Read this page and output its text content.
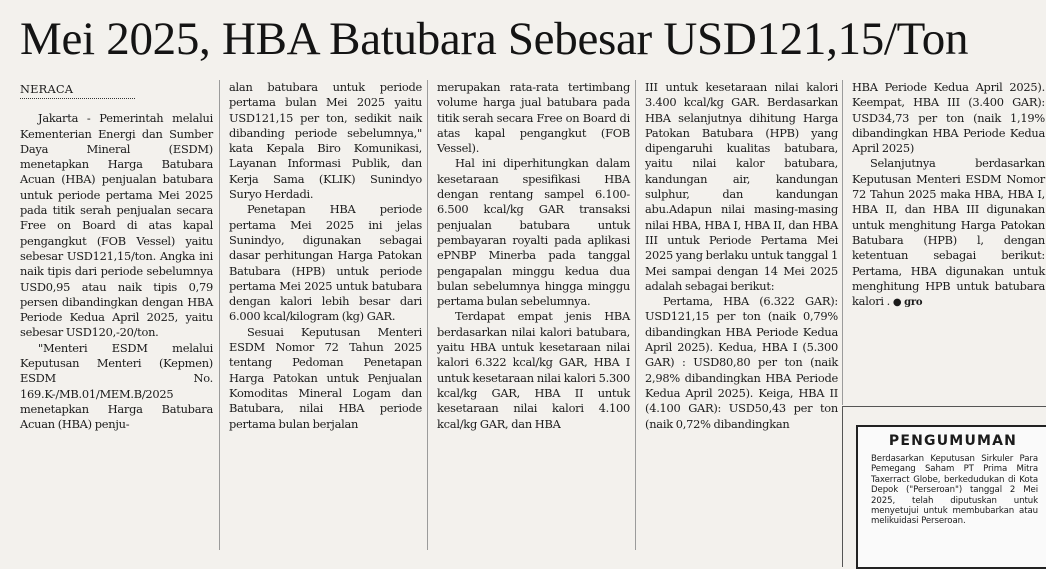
Mei 2025, HBA Batubara Sebesar USD121,15/Ton
NERACA

Jakarta - Pemerintah melalui Kementerian Energi dan Sumber Daya Mineral (ESDM) menetapkan Harga Batubara Acuan (HBA) penjualan batubara untuk periode pertama Mei 2025 pada titik serah penjualan secara Free on Board di atas kapal pengangkut (FOB Vessel) yaitu sebesar USD121,15/ton. Angka ini naik tipis dari periode sebelumnya USD0,95 atau naik tipis 0,79 persen dibandingkan dengan HBA Periode Kedua April 2025, yaitu sebesar USD120,-20/ton.

"Menteri ESDM melalui Keputusan Menteri (Kepmen) ESDM No. 169.K-/MB.01/MEM.B/2025 menetapkan Harga Batubara Acuan (HBA) penju-

alan batubara untuk periode pertama bulan Mei 2025 yaitu USD121,15 per ton, sedikit naik dibanding periode sebelumnya," kata Kepala Biro Komunikasi, Layanan Informasi Publik, dan Kerja Sama (KLIK) Sunindyo Suryo Herdadi.

Penetapan HBA periode pertama Mei 2025 ini jelas Sunindyo, digunakan sebagai dasar perhitungan Harga Patokan Batubara (HPB) untuk periode pertama Mei 2025 untuk batubara dengan kalori lebih besar dari 6.000 kcal/kilogram (kg) GAR.

Sesuai Keputusan Menteri ESDM Nomor 72 Tahun 2025 tentang Pedoman Penetapan Harga Patokan untuk Penjualan Komoditas Mineral Logam dan Batubara, nilai HBA periode pertama bulan berjalan

merupakan rata-rata tertimbang volume harga jual batubara pada titik serah secara Free on Board di atas kapal pengangkut (FOB Vessel).

Hal ini diperhitungkan dalam kesetaraan spesifikasi HBA dengan rentang sampel 6.100-6.500 kcal/kg GAR transaksi penjualan batubara untuk pembayaran royalti pada aplikasi ePNBP Minerba pada tanggal pengapalan minggu kedua dua bulan sebelumnya hingga minggu pertama bulan sebelumnya.

Terdapat empat jenis HBA berdasarkan nilai kalori batubara, yaitu HBA untuk kesetaraan nilai kalori 6.322 kcal/kg GAR, HBA I untuk kesetaraan nilai kalori 5.300 kcal/kg GAR, HBA II untuk kesetaraan nilai kalori 4.100 kcal/kg GAR, dan HBA

III untuk kesetaraan nilai kalori 3.400 kcal/kg GAR. Berdasarkan HBA selanjutnya dihitung Harga Patokan Batubara (HPB) yang dipengaruhi kualitas batubara, yaitu nilai kalor batubara, kandungan air, kandungan sulphur, dan kandungan abu.Adapun nilai masing-masing nilai HBA, HBA I, HBA II, dan HBA III untuk Periode Pertama Mei 2025 yang berlaku untuk tanggal 1 Mei sampai dengan 14 Mei 2025 adalah sebagai berikut:

Pertama, HBA (6.322 GAR): USD121,15 per ton (naik 0,79% dibandingkan HBA Periode Kedua April 2025). Kedua, HBA I (5.300 GAR) : USD80,80 per ton (naik 2,98% dibandingkan HBA Periode Kedua April 2025). Keiga, HBA II (4.100 GAR): USD50,43 per ton (naik 0,72% dibandingkan

HBA Periode Kedua April 2025). Keempat, HBA III (3.400 GAR): USD34,73 per ton (naik 1,19% dibandingkan HBA Periode Kedua April 2025)

Selanjutnya berdasarkan Keputusan Menteri ESDM Nomor 72 Tahun 2025 maka HBA, HBA I, HBA II, dan HBA III digunakan untuk menghitung Harga Patokan Batubara (HPB) l, dengan ketentuan sebagai berikut: Pertama, HBA digunakan untuk menghitung HPB untuk batubara kalori . ● gro

PENGUMUMAN
Berdasarkan Keputusan Sirkuler Para Pemegang Saham PT Prima Mitra Taxerract Globe, berkedudukan di Kota Depok ("Perseroan") tanggal 2 Mei 2025, telah diputuskan untuk menyetujui untuk membubarkan atau melikuidasi Perseroan.
